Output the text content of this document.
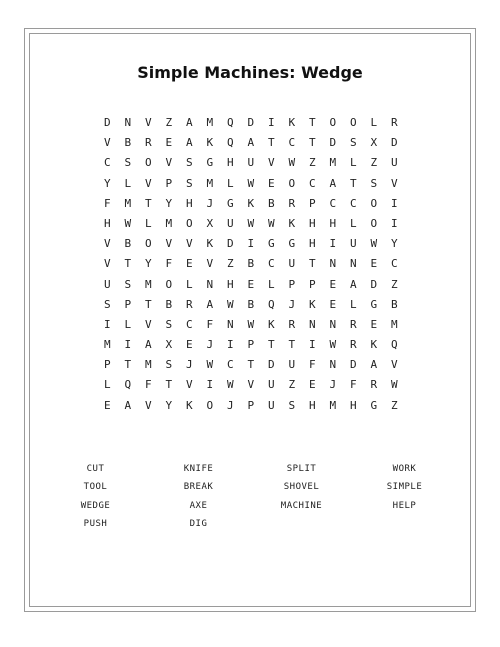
Simple Machines: Wedge
D	N	V	Z	A	M	Q	D	I	K	T	O	O	L	R
V	B	R	E	A	K	Q	A	T	C	T	D	S	X	D
C	S	O	V	S	G	H	U	V	W	Z	M	L	Z	U
Y	L	V	P	S	M	L	W	E	O	C	A	T	S	V
F	M	T	Y	H	J	G	K	B	R	P	C	C	O	I
H	W	L	M	O	X	U	W	W	K	H	H	L	O	I
V	B	O	V	V	K	D	I	G	G	H	I	U	W	Y
V	T	Y	F	E	V	Z	B	C	U	T	N	N	E	C
U	S	M	O	L	N	H	E	L	P	P	E	A	D	Z
S	P	T	B	R	A	W	B	Q	J	K	E	L	G	B
I	L	V	S	C	F	N	W	K	R	N	N	R	E	M
M	I	A	X	E	J	I	P	T	T	I	W	R	K	Q
P	T	M	S	J	W	C	T	D	U	F	N	D	A	V
L	Q	F	T	V	I	W	V	U	Z	E	J	F	R	W
E	A	V	Y	K	O	J	P	U	S	H	M	H	G	Z
CUT	KNIFE	SPLIT	WORK
TOOL	BREAK	SHOVEL	SIMPLE
WEDGE	AXE	MACHINE	HELP
PUSH	DIG
